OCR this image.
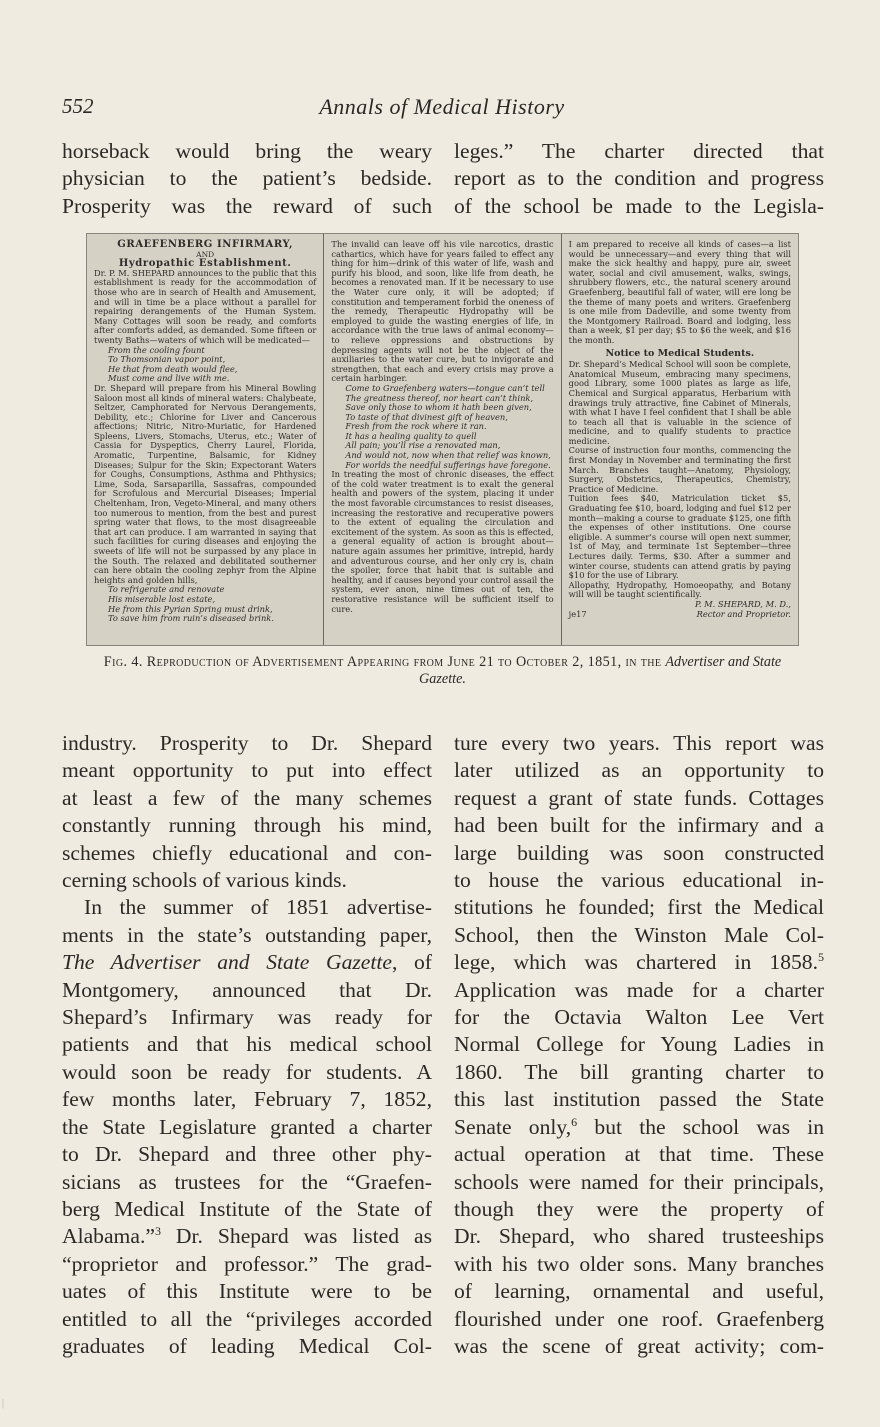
552	Annals of Medical History

horseback would bring the weary

physician to the patient’s bedside.

Prosperity was the reward of such

leges.” The charter directed that

report as to the condition and progress

of the school be made to the Legisla-

GRAEFENBERG INFIRMARY,
AND
Hydropathic Establishment.

Dr. P. M. SHEPARD announces to the public that this establishment is ready for the accommodation of those who are in search of Health and Amusement, and will in time be a place without a parallel for repairing derangements of the Human System. Many Cottages will soon be ready, and comforts after comforts added, as demanded. Some fifteen or twenty Baths—waters of which will be medicated—

From the cooling fount
To Thomsonian vapor point,
He that from death would flee,
Must come and live with me.

Dr. Shepard will prepare from his Mineral Bowling Saloon most all kinds of mineral waters: Chalybeate, Seltzer, Camphorated for Nervous Derangements, Debility, etc.; Chlorine for Liver and Cancerous affections; Nitric, Nitro-Muriatic, for Hardened Spleens, Livers, Stomachs, Uterus, etc.; Water of Cassia for Dyspeptics, Cherry Laurel, Florida, Aromatic, Turpentine, Balsamic, for Kidney Diseases; Sulpur for the Skin; Expectorant Waters for Coughs, Consumptions, Asthma and Phthysics; Lime, Soda, Sarsaparilla, Sassafras, compounded for Scrofulous and Mercurial Diseases; Imperial Cheltenham, Iron, Vegeto-Mineral, and many others too numerous to mention, from the best and purest spring water that flows, to the most disagreeable that art can produce. I am warranted in saying that such facilities for curing diseases and enjoying the sweets of life will not be surpassed by any place in the South. The relaxed and debilitated southerner can here obtain the cooling zephyr from the Alpine heights and golden hills,

To refrigerate and renovate
His miserable lost estate,
He from this Pyrian Spring must drink,
To save him from ruin’s diseased brink.

The invalid can leave off his vile narcotics, drastic cathartics, which have for years failed to effect any thing for him—drink of this water of life, wash and purify his blood, and soon, like life from death, he becomes a renovated man. If it be necessary to use the Water cure only, it will be adopted; if constitution and temperament forbid the oneness of the remedy, Therapeutic Hydropathy will be employed to guide the wasting energies of life, in accordance with the true laws of animal economy—to relieve oppressions and obstructions by depressing agents will not be the object of the auxiliaries to the water cure, but to invigorate and strengthen, that each and every crisis may prove a certain harbinger.

Come to Graefenberg waters—tongue can’t tell
The greatness thereof, nor heart can’t think,
Save only those to whom it hath been given,
To taste of that divinest gift of heaven,
Fresh from the rock where it ran.
It has a healing quality to quell
All pain; you’ll rise a renovated man,
And would not, now when that relief was known,
For worlds the needful sufferings have foregone.

In treating the most of chronic diseases, the effect of the cold water treatment is to exalt the general health and powers of the system, placing it under the most favorable circumstances to resist diseases, increasing the restorative and recuperative powers to the extent of equaling the circulation and excitement of the system. As soon as this is effected, a general equality of action is brought about—nature again assumes her primitive, intrepid, hardy and adventurous course, and her only cry is, chain the spoiler, force that habit that is suitable and healthy, and if causes beyond your control assail the system, ever anon, nine times out of ten, the restorative resistance will be sufficient itself to cure.

I am prepared to receive all kinds of cases—a list would be unnecessary—and every thing that will make the sick healthy and happy, pure air, sweet water, social and civil amusement, walks, swings, shrubbery flowers, etc., the natural scenery around Graefenberg, beautiful fall of water, will ere long be the theme of many poets and writers. Graefenberg is one mile from Dadeville, and some twenty from the Montgomery Railroad. Board and lodging, less than a week, $1 per day; $5 to $6 the week, and $16 the month.

Notice to Medical Students.

Dr. Shepard’s Medical School will soon be complete, Anatomical Museum, embracing many specimens, good Library, some 1000 plates as large as life, Chemical and Surgical apparatus, Herbarium with drawings truly attractive, fine Cabinet of Minerals, with what I have I feel confident that I shall be able to teach all that is valuable in the science of medicine, and to qualify students to practice medicine.

Course of instruction four months, commencing the first Monday in November and terminating the first March. Branches taught—Anatomy, Physiology, Surgery, Obstetrics, Therapeutics, Chemistry, Practice of Medicine.

Tuition fees $40, Matriculation ticket $5, Graduating fee $10, board, lodging and fuel $12 per month—making a course to graduate $125, one fifth the expenses of other institutions. One course eligible. A summer’s course will open next summer, 1st of May, and terminate 1st September—three Lectures daily. Terms, $30. After a summer and winter course, students can attend gratis by paying $10 for the use of Library.

Allopathy, Hydropathy, Homoeopathy, and Botany will will be taught scientifically.

P. M. SHEPARD, M. D.,
je17	Rector and Proprietor.
Fig. 4. Reproduction of Advertisement Appearing from June 21 to October 2, 1851, in the Advertiser and State Gazette.

industry. Prosperity to Dr. Shepard

meant opportunity to put into effect

at least a few of the many schemes

constantly running through his mind,

schemes chiefly educational and con-

cerning schools of various kinds.

In the summer of 1851 advertise-

ments in the state’s outstanding paper,

The Advertiser and State Gazette, of

Montgomery, announced that Dr.

Shepard’s Infirmary was ready for

patients and that his medical school

would soon be ready for students. A

few months later, February 7, 1852,

the State Legislature granted a charter

to Dr. Shepard and three other phy-

sicians as trustees for the “Graefen-

berg Medical Institute of the State of

Alabama.”$^3$ Dr. Shepard was listed as

“proprietor and professor.” The grad-

uates of this Institute were to be

entitled to all the “privileges accorded

graduates of leading Medical Col-

ture every two years. This report was

later utilized as an opportunity to

request a grant of state funds. Cottages

had been built for the infirmary and a

large building was soon constructed

to house the various educational in-

stitutions he founded; first the Medical

School, then the Winston Male Col-

lege, which was chartered in 1858.$^5$

Application was made for a charter

for the Octavia Walton Lee Vert

Normal College for Young Ladies in

1860. The bill granting charter to

this last institution passed the State

Senate only,$^6$ but the school was in

actual operation at that time. These

schools were named for their principals,

though they were the property of

Dr. Shepard, who shared trusteeships

with his two older sons. Many branches

of learning, ornamental and useful,

flourished under one roof. Graefenberg

was the scene of great activity; com-

|
